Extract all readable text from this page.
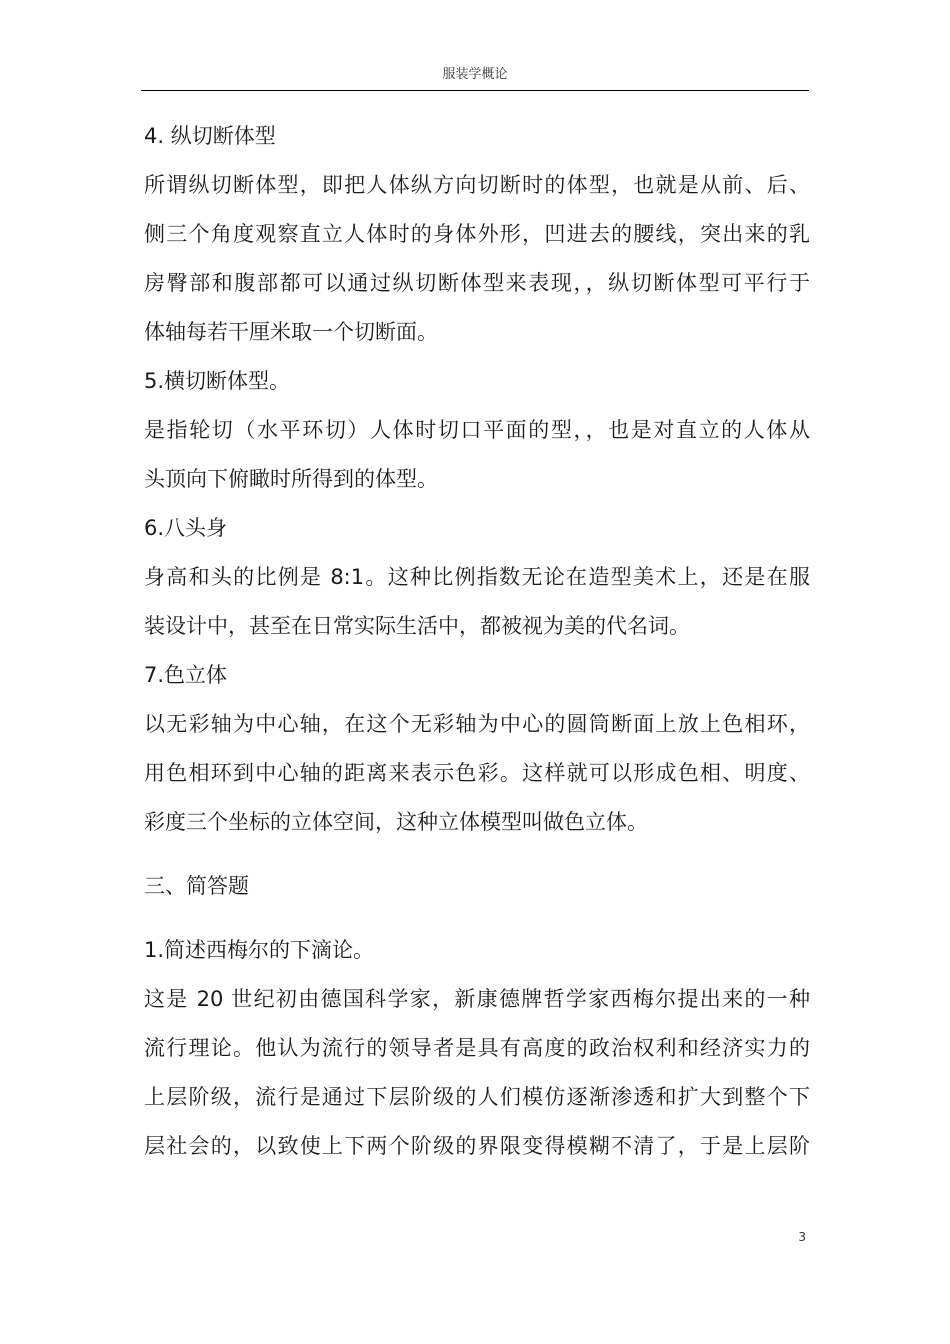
服装学概论
4. 纵切断体型
所谓纵切断体型，即把人体纵方向切断时的体型，也就是从前、后、
侧三个角度观察直立人体时的身体外形，凹进去的腰线，突出来的乳
房臀部和腹部都可以通过纵切断体型来表现，，纵切断体型可平行于
体轴每若干厘米取一个切断面。
5.横切断体型。
是指轮切（水平环切）人体时切口平面的型，，也是对直立的人体从
头顶向下俯瞰时所得到的体型。
6.八头身
身高和头的比例是 8:1。这种比例指数无论在造型美术上，还是在服
装设计中，甚至在日常实际生活中，都被视为美的代名词。
7.色立体
以无彩轴为中心轴，在这个无彩轴为中心的圆筒断面上放上色相环，
用色相环到中心轴的距离来表示色彩。这样就可以形成色相、明度、
彩度三个坐标的立体空间，这种立体模型叫做色立体。
三、简答题
1.简述西梅尔的下滴论。
这是 20 世纪初由德国科学家，新康德牌哲学家西梅尔提出来的一种
流行理论。他认为流行的领导者是具有高度的政治权利和经济实力的
上层阶级，流行是通过下层阶级的人们模仿逐渐渗透和扩大到整个下
层社会的，以致使上下两个阶级的界限变得模糊不清了，于是上层阶
3
